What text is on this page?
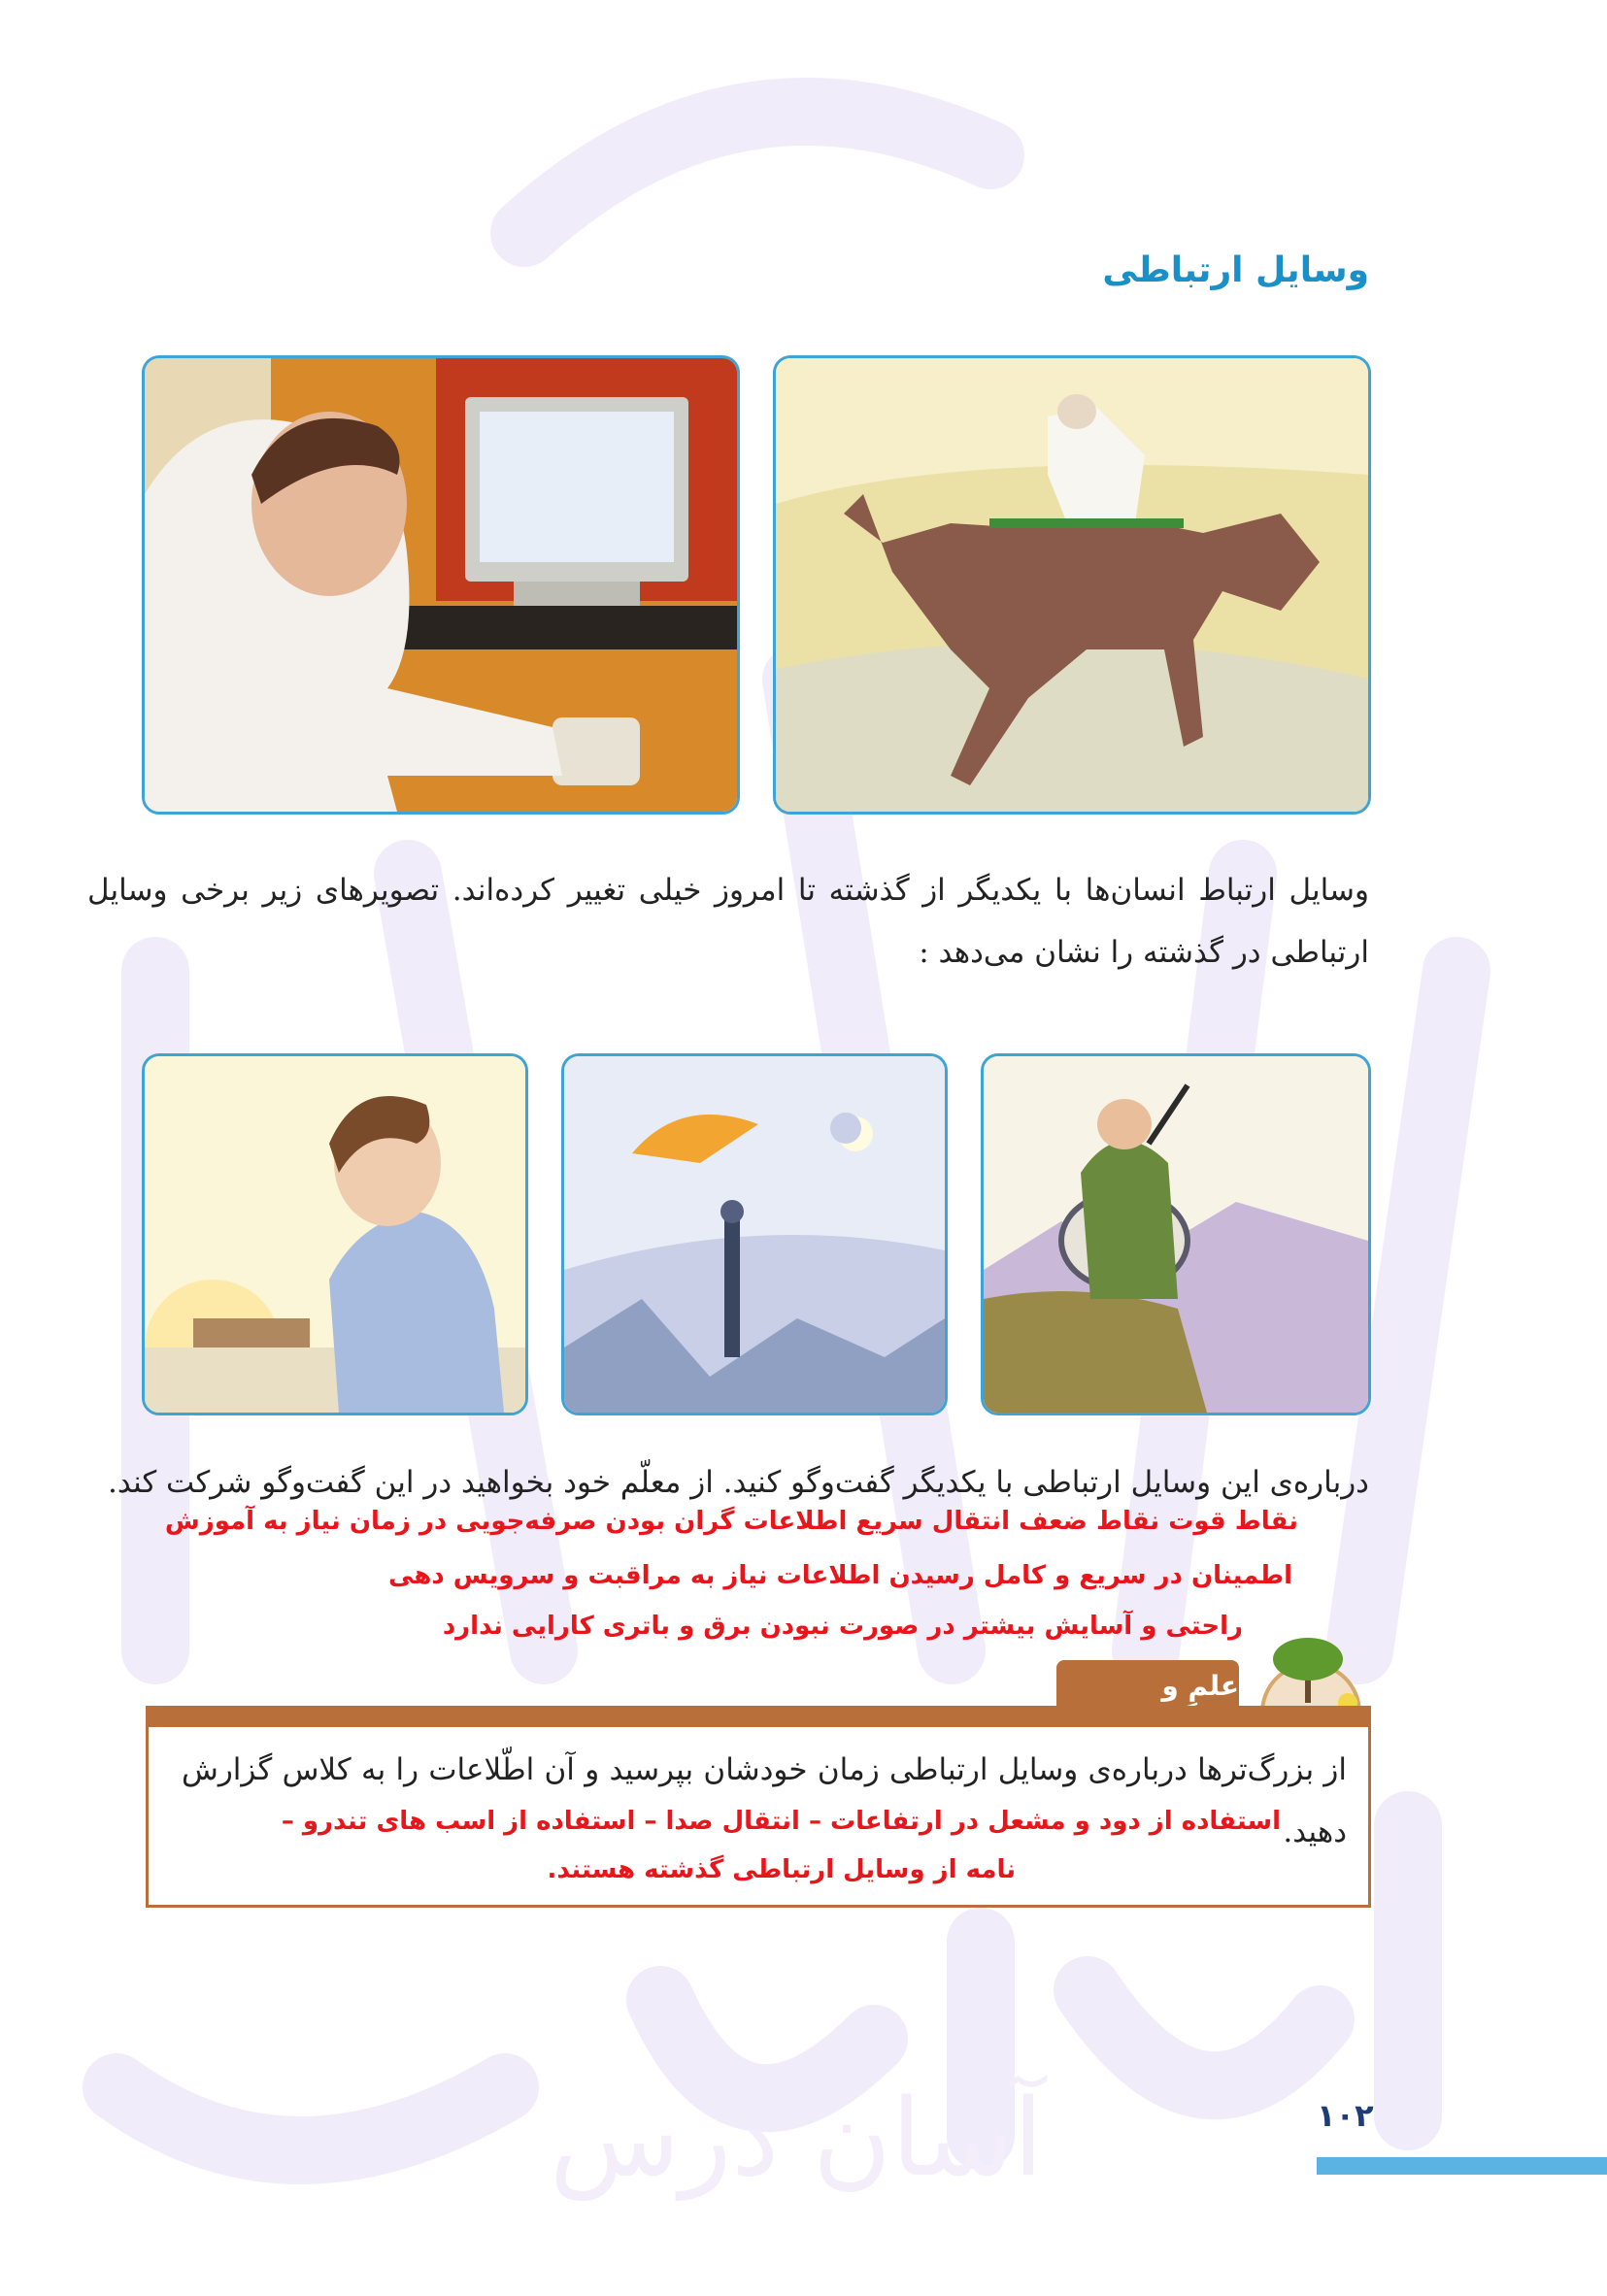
آسان درس
وسایل ارتباطی
وسایل ارتباط انسان‌ها با یکدیگر از گذشته تا امروز خیلی تغییر کرده‌اند. تصویرهای زیر برخی وسایل ارتباطی در گذشته را نشان می‌دهد :
درباره‌ی این وسایل ارتباطی با یکدیگر گفت‌وگو کنید. از معلّم خود بخواهید در این گفت‌وگو شرکت کند.
نقاط قوت نقاط ضعف انتقال سریع اطلاعات گران بودن صرفه‌جویی در زمان نیاز به آموزش
اطمینان در سریع و کامل رسیدن اطلاعات نیاز به مراقبت و سرویس دهی
راحتی و آسایش بیشتر در صورت نبودن برق و باتری کارایی ندارد
علم و
از بزرگ‌ترها درباره‌ی وسایل ارتباطی زمان خودشان بپرسید و آن اطّلاعات را به کلاس گزارش دهید.
استفاده از دود و مشعل در ارتفاعات – انتقال صدا – استفاده از اسب های تندرو –
نامه از وسایل ارتباطی گذشته هستند.
۱۰۲
